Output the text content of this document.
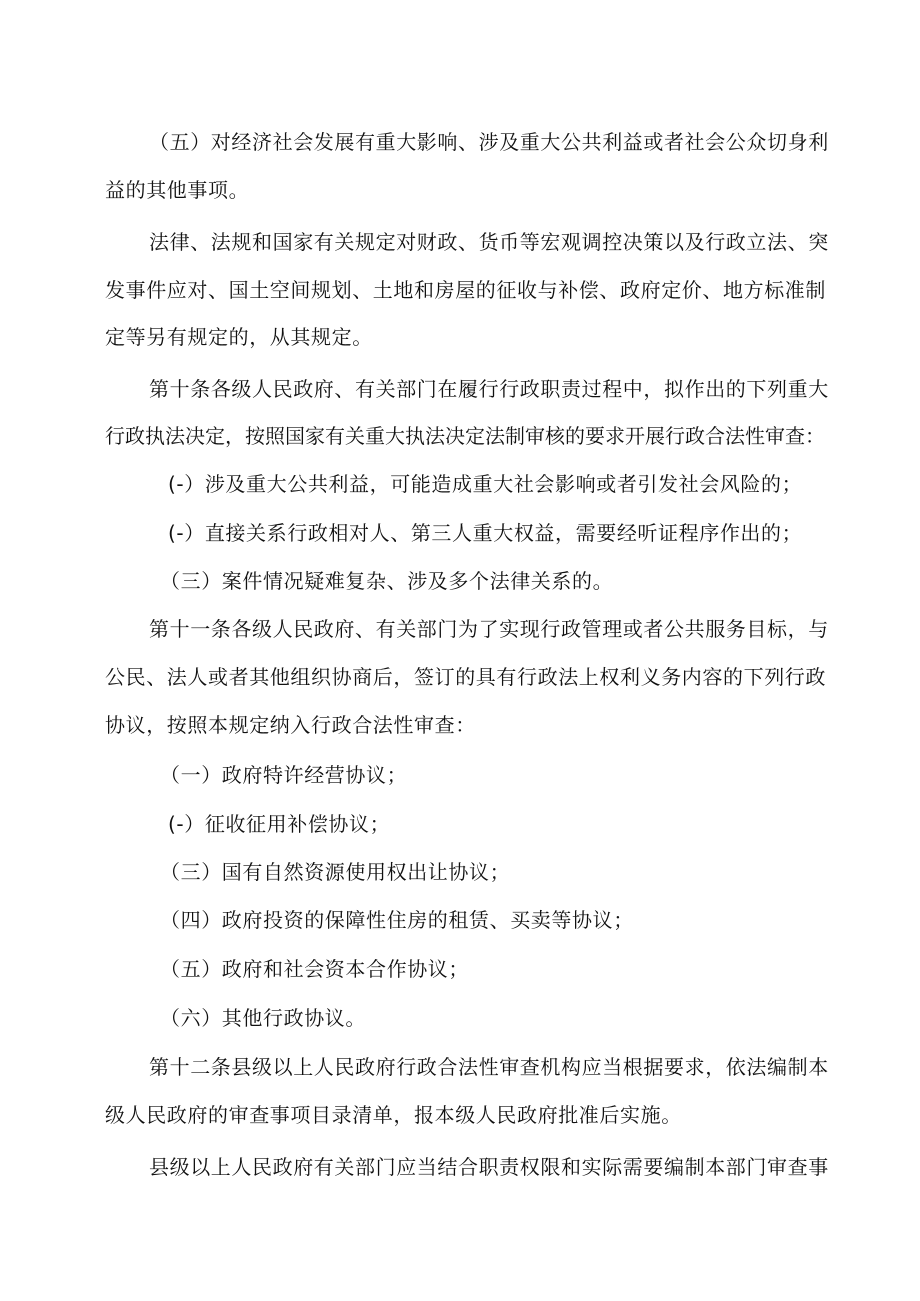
（五）对经济社会发展有重大影响、涉及重大公共利益或者社会公众切身利
益的其他事项。
法律、法规和国家有关规定对财政、货币等宏观调控决策以及行政立法、突
发事件应对、国土空间规划、土地和房屋的征收与补偿、政府定价、地方标准制
定等另有规定的，从其规定。
第十条各级人民政府、有关部门在履行行政职责过程中，拟作出的下列重大
行政执法决定，按照国家有关重大执法决定法制审核的要求开展行政合法性审查：
(-）涉及重大公共利益，可能造成重大社会影响或者引发社会风险的；
(-）直接关系行政相对人、第三人重大权益，需要经听证程序作出的；
（三）案件情况疑难复杂、涉及多个法律关系的。
第十一条各级人民政府、有关部门为了实现行政管理或者公共服务目标，与
公民、法人或者其他组织协商后，签订的具有行政法上权利义务内容的下列行政
协议，按照本规定纳入行政合法性审查：
（一）政府特许经营协议；
(-）征收征用补偿协议；
（三）国有自然资源使用权出让协议；
（四）政府投资的保障性住房的租赁、买卖等协议；
（五）政府和社会资本合作协议；
（六）其他行政协议。
第十二条县级以上人民政府行政合法性审查机构应当根据要求，依法编制本
级人民政府的审查事项目录清单，报本级人民政府批准后实施。
县级以上人民政府有关部门应当结合职责权限和实际需要编制本部门审查事
